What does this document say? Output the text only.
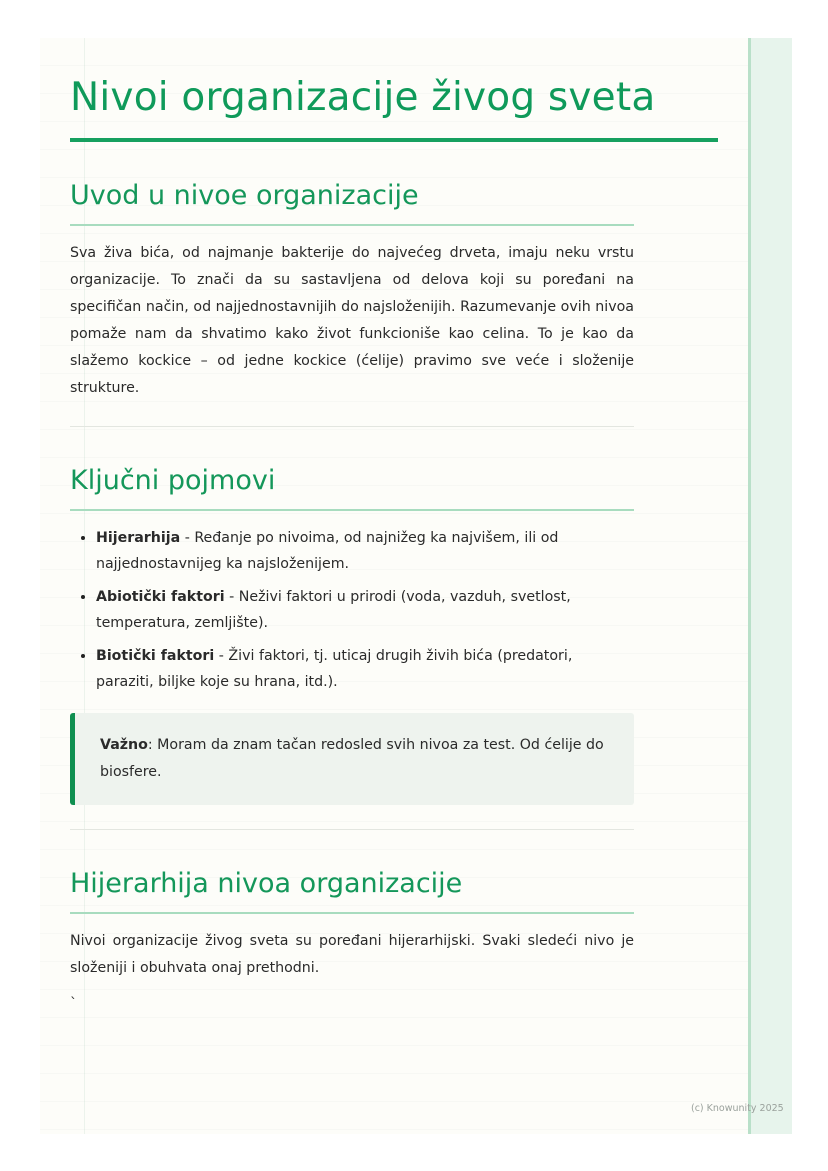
Nivoi organizacije živog sveta
Uvod u nivoe organizacije

Sva živa bića, od najmanje bakterije do najvećeg drveta, imaju neku vrstu organizacije. To znači da su sastavljena od delova koji su poređani na specifičan način, od najjednostavnijih do najsloženijih. Razumevanje ovih nivoa pomaže nam da shvatimo kako život funkcioniše kao celina. To je kao da slažemo kockice – od jedne kockice (ćelije) pravimo sve veće i složenije strukture.

Ključni pojmovi
• Hijerarhija - Ređanje po nivoima, od najnižeg ka najvišem, ili od najjednostavnijeg ka najsloženijem.
• Abiotički faktori - Neživi faktori u prirodi (voda, vazduh, svetlost, temperatura, zemljište).
• Biotički faktori - Živi faktori, tj. uticaj drugih živih bića (predatori, paraziti, biljke koje su hrana, itd.).
Važno: Moram da znam tačan redosled svih nivoa za test. Od ćelije do biosfere.
Hijerarhija nivoa organizacije

Nivoi organizacije živog sveta su poređani hijerarhijski. Svaki sledeći nivo je složeniji i obuhvata onaj prethodni.

`
(c) Knowunity 2025
